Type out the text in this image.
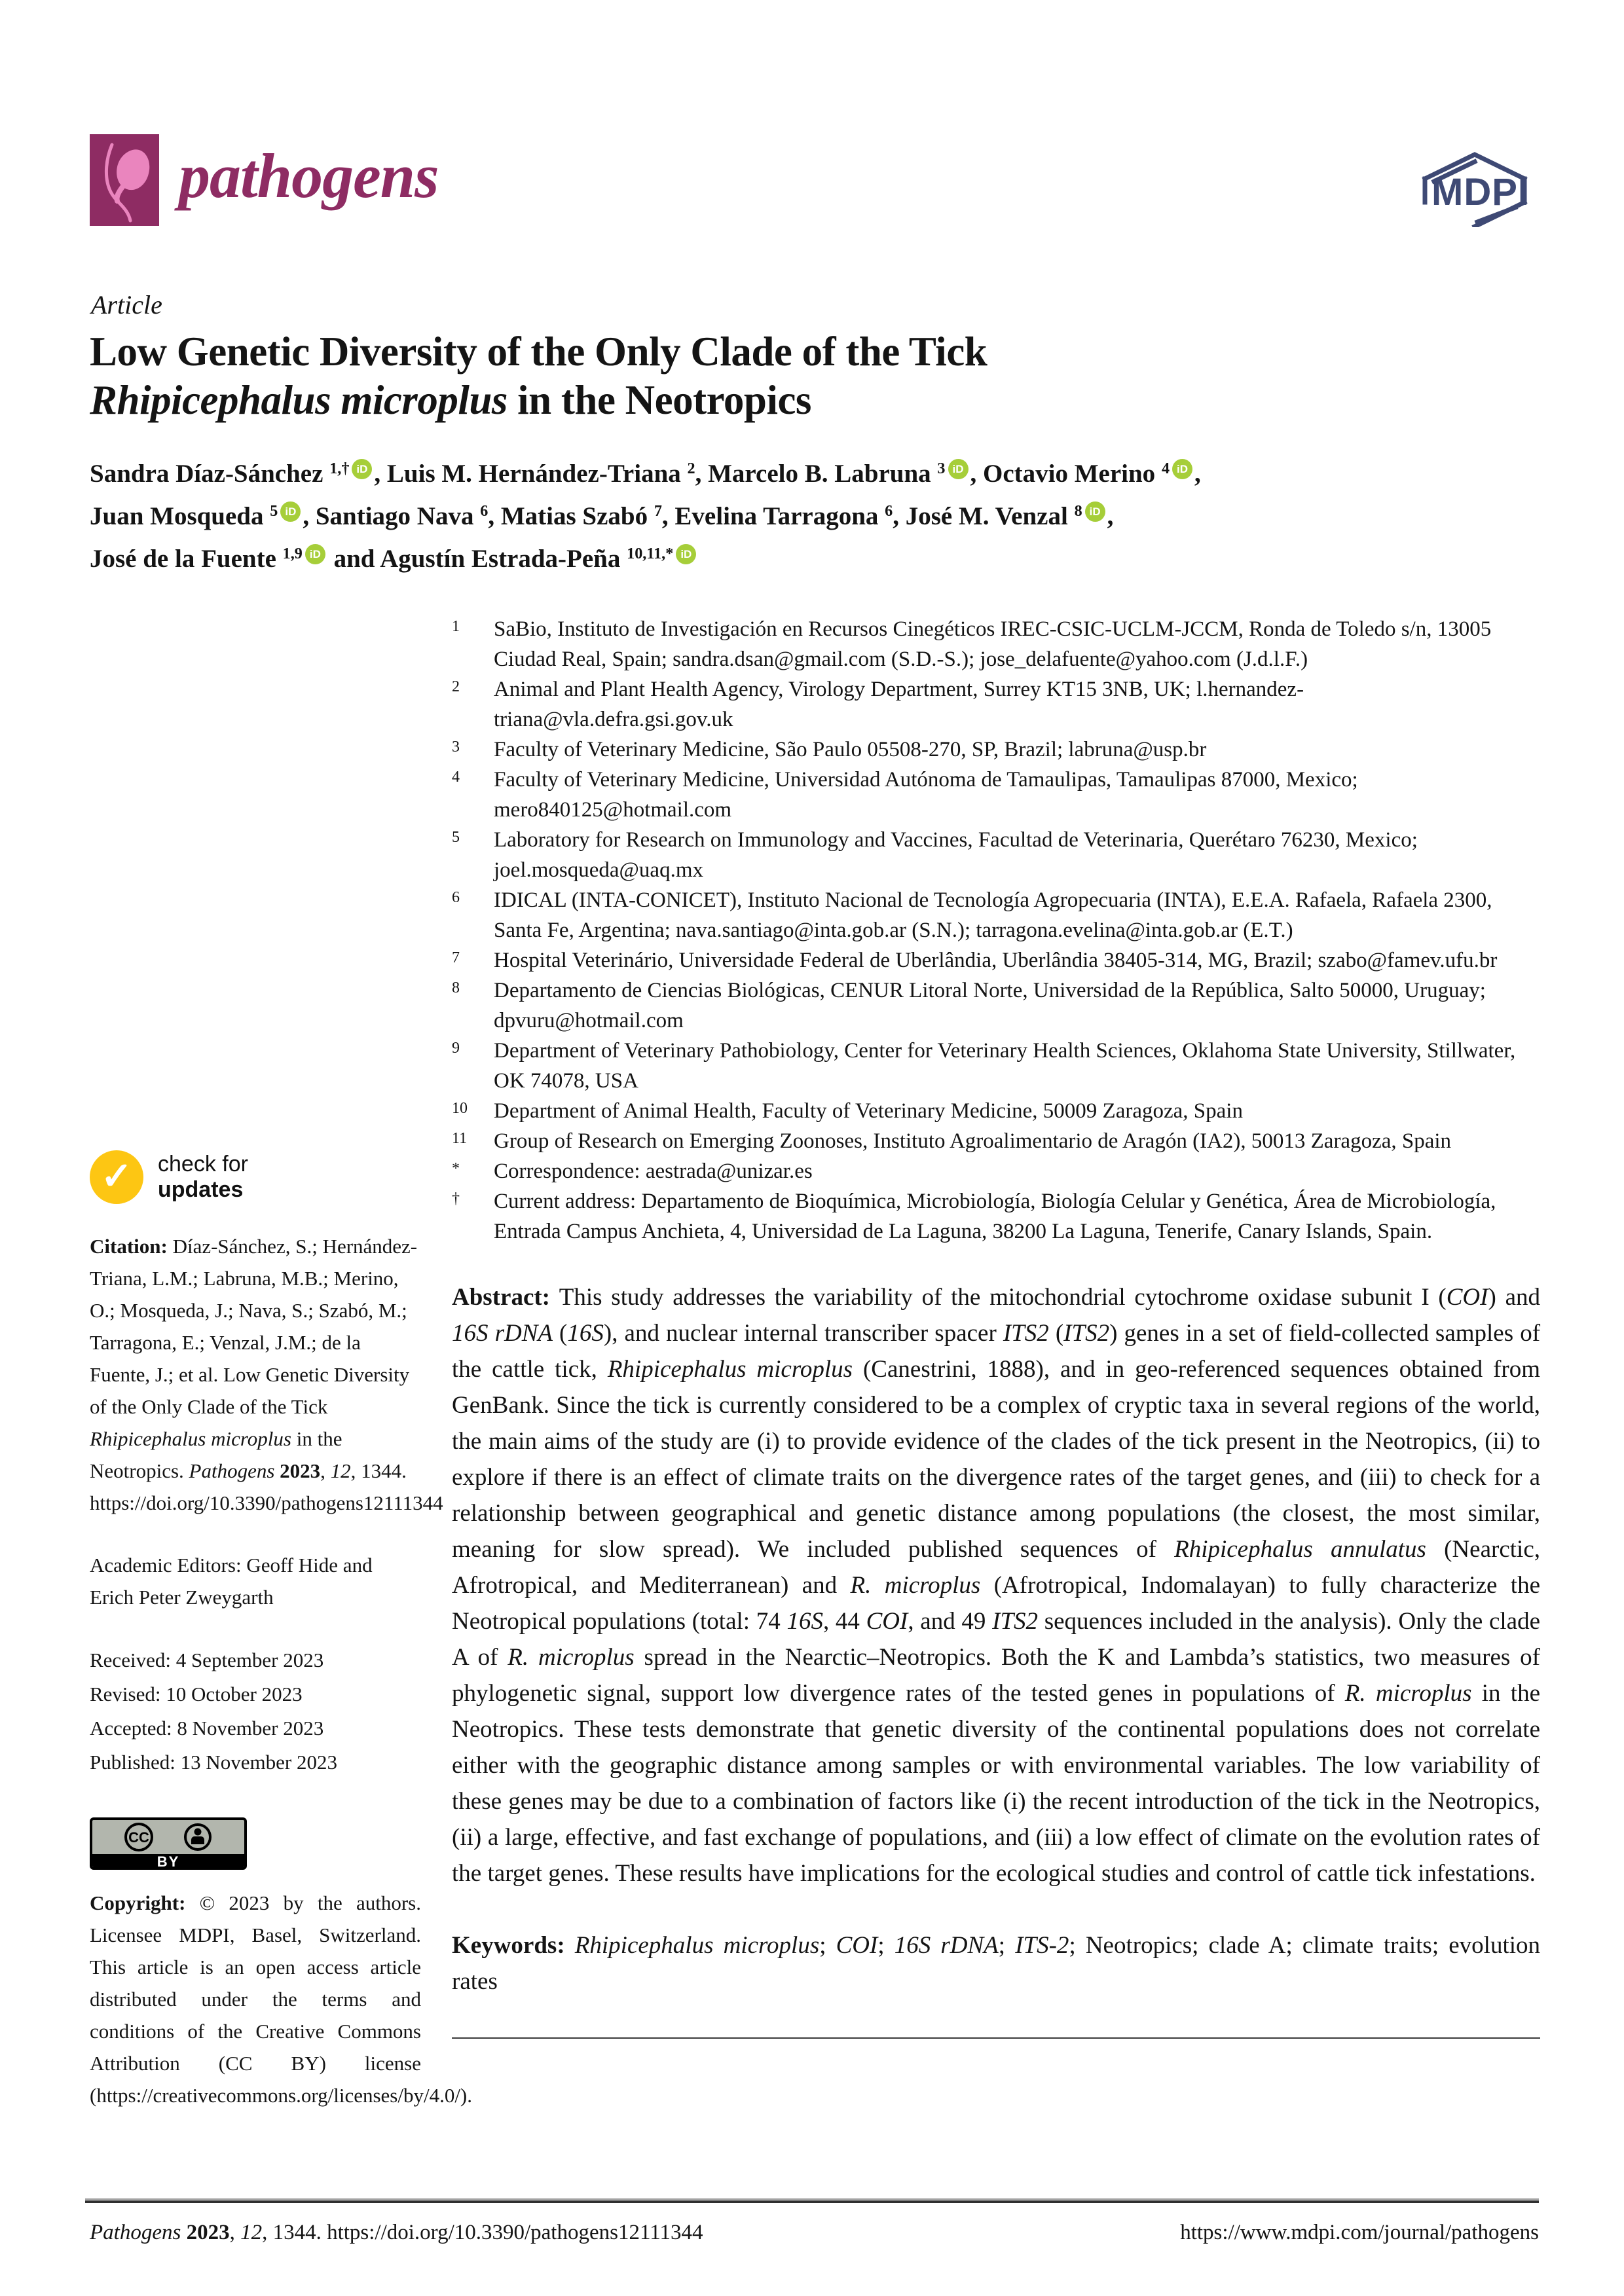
pathogens	MDPI
Article
Low Genetic Diversity of the Only Clade of the Tick
Rhipicephalus microplus in the Neotropics
Sandra Díaz-Sánchez $^{1,\dagger}$ iD , Luis M. Hernández-Triana $^2$, Marcelo B. Labruna $^3$ iD , Octavio Merino $^4$ iD ,
Juan Mosqueda $^5$ iD , Santiago Nava $^6$, Matias Szabó $^7$, Evelina Tarragona $^6$, José M. Venzal $^8$ iD ,
José de la Fuente $^{1,9}$ iD and Agustín Estrada-Peña $^{10,11,*}$ iD
1	SaBio, Instituto de Investigación en Recursos Cinegéticos IREC-CSIC-UCLM-JCCM, Ronda de Toledo s/n, 13005 Ciudad Real, Spain; sandra.dsan@gmail.com (S.D.-S.); jose_delafuente@yahoo.com (J.d.l.F.)
2	Animal and Plant Health Agency, Virology Department, Surrey KT15 3NB, UK; l.hernandez-triana@vla.defra.gsi.gov.uk
3	Faculty of Veterinary Medicine, São Paulo 05508-270, SP, Brazil; labruna@usp.br
4	Faculty of Veterinary Medicine, Universidad Autónoma de Tamaulipas, Tamaulipas 87000, Mexico; mero840125@hotmail.com
5	Laboratory for Research on Immunology and Vaccines, Facultad de Veterinaria, Querétaro 76230, Mexico; joel.mosqueda@uaq.mx
6	IDICAL (INTA-CONICET), Instituto Nacional de Tecnología Agropecuaria (INTA), E.E.A. Rafaela, Rafaela 2300, Santa Fe, Argentina; nava.santiago@inta.gob.ar (S.N.); tarragona.evelina@inta.gob.ar (E.T.)
7	Hospital Veterinário, Universidade Federal de Uberlândia, Uberlândia 38405-314, MG, Brazil; szabo@famev.ufu.br
8	Departamento de Ciencias Biológicas, CENUR Litoral Norte, Universidad de la República, Salto 50000, Uruguay; dpvuru@hotmail.com
9	Department of Veterinary Pathobiology, Center for Veterinary Health Sciences, Oklahoma State University, Stillwater, OK 74078, USA
10	Department of Animal Health, Faculty of Veterinary Medicine, 50009 Zaragoza, Spain
11	Group of Research on Emerging Zoonoses, Instituto Agroalimentario de Aragón (IA2), 50013 Zaragoza, Spain
*	Correspondence: aestrada@unizar.es
†	Current address: Departamento de Bioquímica, Microbiología, Biología Celular y Genética, Área de Microbiología, Entrada Campus Anchieta, 4, Universidad de La Laguna, 38200 La Laguna, Tenerife, Canary Islands, Spain.

Abstract: This study addresses the variability of the mitochondrial cytochrome oxidase subunit I (COI) and 16S rDNA (16S), and nuclear internal transcriber spacer ITS2 (ITS2) genes in a set of field-collected samples of the cattle tick, Rhipicephalus microplus (Canestrini, 1888), and in geo-referenced sequences obtained from GenBank. Since the tick is currently considered to be a complex of cryptic taxa in several regions of the world, the main aims of the study are (i) to provide evidence of the clades of the tick present in the Neotropics, (ii) to explore if there is an effect of climate traits on the divergence rates of the target genes, and (iii) to check for a relationship between geographical and genetic distance among populations (the closest, the most similar, meaning for slow spread). We included published sequences of Rhipicephalus annulatus (Nearctic, Afrotropical, and Mediterranean) and R. microplus (Afrotropical, Indomalayan) to fully characterize the Neotropical populations (total: 74 16S, 44 COI, and 49 ITS2 sequences included in the analysis). Only the clade A of R. microplus spread in the Nearctic–Neotropics. Both the K and Lambda’s statistics, two measures of phylogenetic signal, support low divergence rates of the tested genes in populations of R. microplus in the Neotropics. These tests demonstrate that genetic diversity of the continental populations does not correlate either with the geographic distance among samples or with environmental variables. The low variability of these genes may be due to a combination of factors like (i) the recent introduction of the tick in the Neotropics, (ii) a large, effective, and fast exchange of populations, and (iii) a low effect of climate on the evolution rates of the target genes. These results have implications for the ecological studies and control of cattle tick infestations.

Keywords: Rhipicephalus microplus; COI; 16S rDNA; ITS-2; Neotropics; clade A; climate traits; evolution rates

✓	check for
updates

Citation: Díaz-Sánchez, S.; Hernández-Triana, L.M.; Labruna, M.B.; Merino, O.; Mosqueda, J.; Nava, S.; Szabó, M.; Tarragona, E.; Venzal, J.M.; de la Fuente, J.; et al. Low Genetic Diversity of the Only Clade of the Tick Rhipicephalus microplus in the Neotropics. Pathogens 2023, 12, 1344. https://doi.org/10.3390/pathogens12111344

Academic Editors: Geoff Hide and Erich Peter Zweygarth

Received: 4 September 2023
Revised: 10 October 2023
Accepted: 8 November 2023
Published: 13 November 2023
CC
BY

Copyright: © 2023 by the authors. Licensee MDPI, Basel, Switzerland. This article is an open access article distributed under the terms and conditions of the Creative Commons Attribution (CC BY) license (https://creativecommons.org/licenses/by/4.0/).

Pathogens 2023, 12, 1344. https://doi.org/10.3390/pathogens12111344	https://www.mdpi.com/journal/pathogens
